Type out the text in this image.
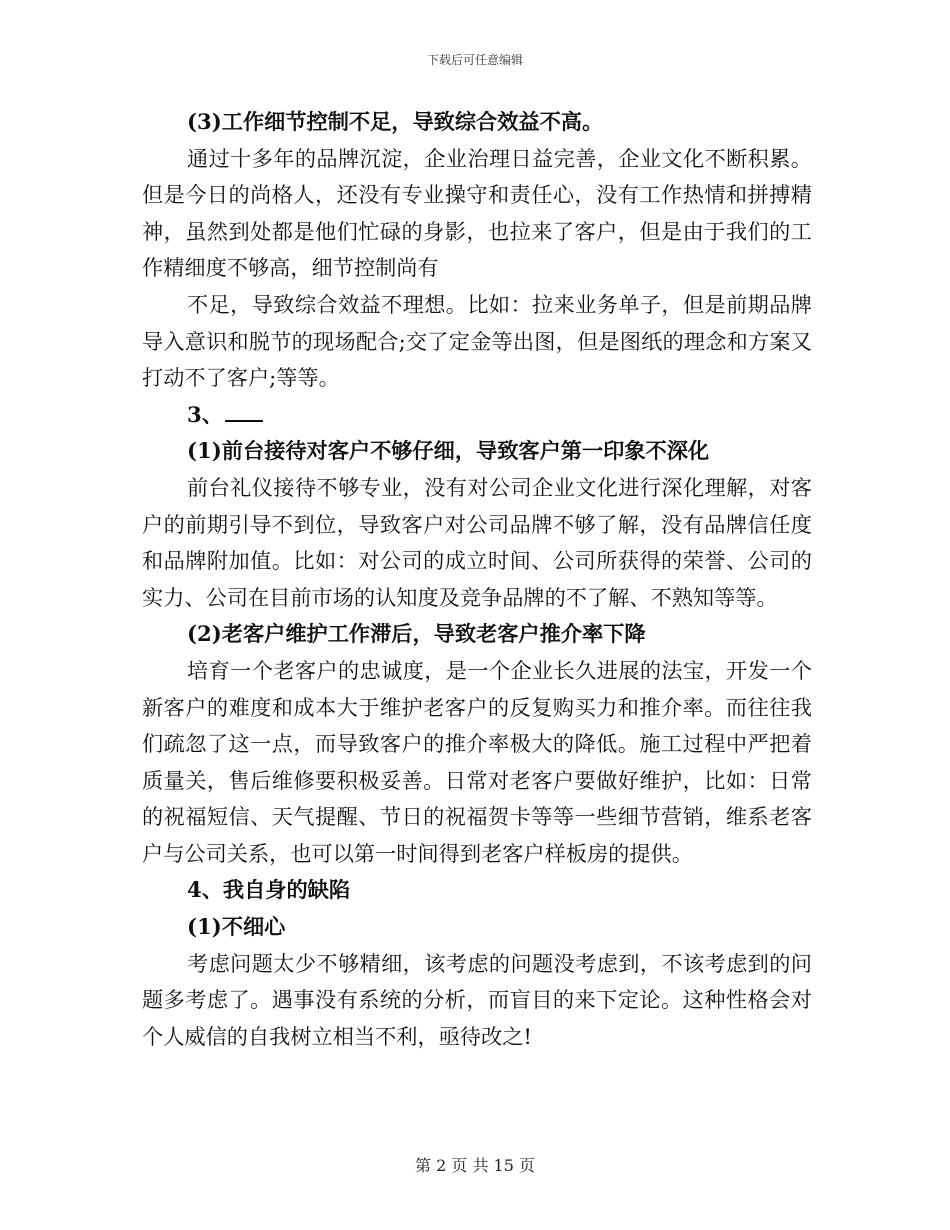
下载后可任意编辑

(3)工作细节控制不足，导致综合效益不高。

通过十多年的品牌沉淀，企业治理日益完善，企业文化不断积累。但是今日的尚格人，还没有专业操守和责任心，没有工作热情和拼搏精神，虽然到处都是他们忙碌的身影，也拉来了客户，但是由于我们的工作精细度不够高，细节控制尚有

不足，导致综合效益不理想。比如：拉来业务单子，但是前期品牌导入意识和脱节的现场配合;交了定金等出图，但是图纸的理念和方案又打动不了客户;等等。

3、

(1)前台接待对客户不够仔细，导致客户第一印象不深化

前台礼仪接待不够专业，没有对公司企业文化进行深化理解，对客户的前期引导不到位，导致客户对公司品牌不够了解，没有品牌信任度和品牌附加值。比如：对公司的成立时间、公司所获得的荣誉、公司的实力、公司在目前市场的认知度及竞争品牌的不了解、不熟知等等。

(2)老客户维护工作滞后，导致老客户推介率下降

培育一个老客户的忠诚度，是一个企业长久进展的法宝，开发一个新客户的难度和成本大于维护老客户的反复购买力和推介率。而往往我们疏忽了这一点，而导致客户的推介率极大的降低。施工过程中严把着质量关，售后维修要积极妥善。日常对老客户要做好维护，比如：日常的祝福短信、天气提醒、节日的祝福贺卡等等一些细节营销，维系老客户与公司关系，也可以第一时间得到老客户样板房的提供。

4、我自身的缺陷

(1)不细心

考虑问题太少不够精细，该考虑的问题没考虑到，不该考虑到的问题多考虑了。遇事没有系统的分析，而盲目的来下定论。这种性格会对个人威信的自我树立相当不利，亟待改之!

第 2 页 共 15 页
